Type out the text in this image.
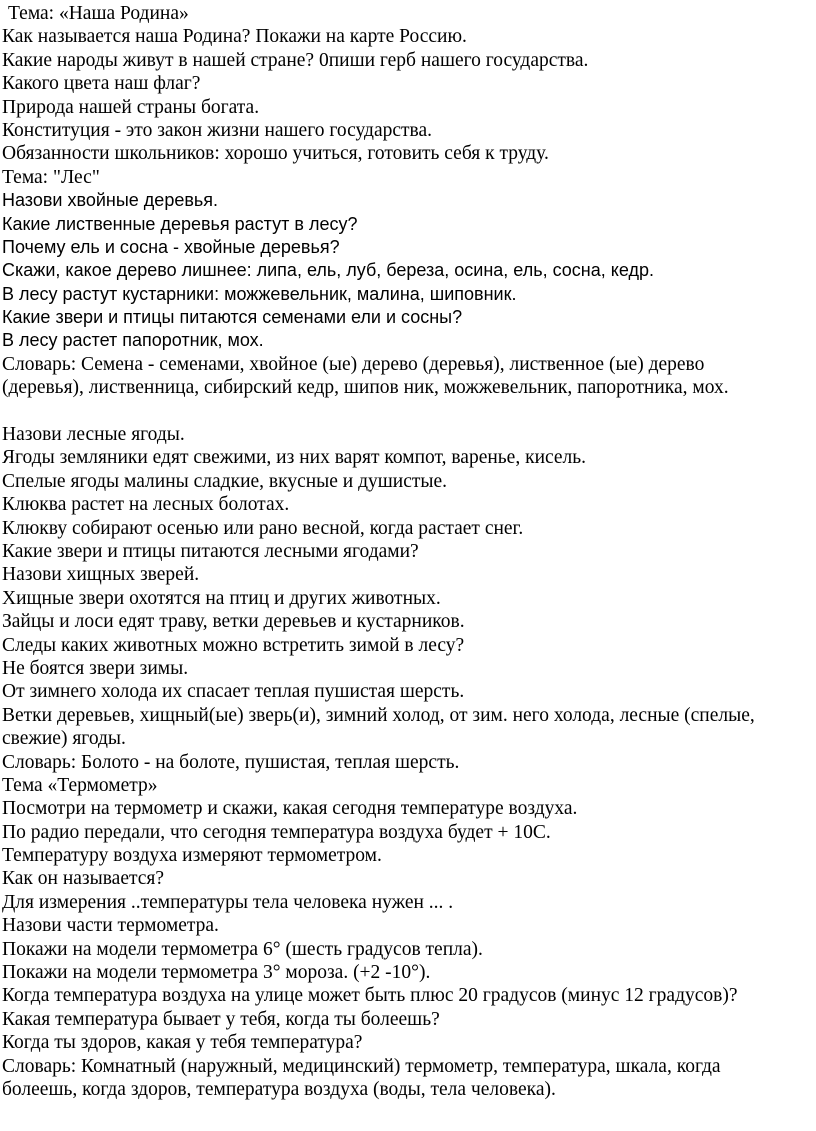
Тема: «Наша Родина»
Как называется наша Родина? Покажи на карте Россию.
Какие народы живут в нашей стране? 0пиши герб нашего государства.
Какого цвета наш флаг?
Природа нашей страны богата.
Конституция - это закон жизни нашего государства.
Обязанности школьников: хорошо учиться, готовить себя к труду.
Тема: "Лес"
Назови хвойные деревья.
Какие лиственные деревья растут в лесу?
Почему ель и сосна - хвойные деревья?
Скажи, какое дерево лишнее: липа, ель, луб, береза, осина, ель, сосна, кедр.
В лесу растут кустарники: можжевельник, малина, шиповник.
Какие звери и птицы питаются семенами ели и сосны?
В лесу растет папоротник, мох.
Словарь: Семена - семенами, хвойное (ые) дерево (деревья), лиственное (ые) дерево
(деревья), лиственница, сибирский кедр, шипов ник, можжевельник, папоротника, мох.
Назови лесные ягоды.
Ягоды земляники едят свежими, из них варят компот, варенье, кисель.
Спелые ягоды малины сладкие, вкусные и душистые.
Клюква растет на лесных болотах.
Клюкву собирают осенью или рано весной, когда растает снег.
Какие звери и птицы питаются лесными ягодами?
Назови хищных зверей.
Хищные звери охотятся на птиц и других животных.
Зайцы и лоси едят траву, ветки деревьев и кустарников.
Следы каких животных можно встретить зимой в лесу?
Не боятся звери зимы.
От зимнего холода их спасает теплая пушистая шерсть.
Ветки деревьев, хищный(ые) зверь(и), зимний холод, от зим. него холода, лесные (спелые,
свежие) ягоды.
Словарь: Болото - на болоте, пушистая, теплая шерсть.
Тема «Термометр»
Посмотри на термометр и скажи, какая сегодня температуре воздуха.
По радио передали, что сегодня температура воздуха будет + 10С.
Температуру воздуха измеряют термометром.
Как он называется?
Для измерения ..температуры тела человека нужен ... .
Назови части термометра.
Покажи на модели термометра 6° (шесть градусов тепла).
Покажи на модели термометра 3° мороза. (+2 -10°).
Когда температура воздуха на улице может быть плюс 20 градусов (минус 12 градусов)?
Какая температура бывает у тебя, когда ты болеешь?
Когда ты здоров, какая у тебя температура?
Словарь: Комнатный (наружный, медицинский) термометр, температура, шкала, когда
болеешь, когда здоров, температура воздуха (воды, тела человека).
